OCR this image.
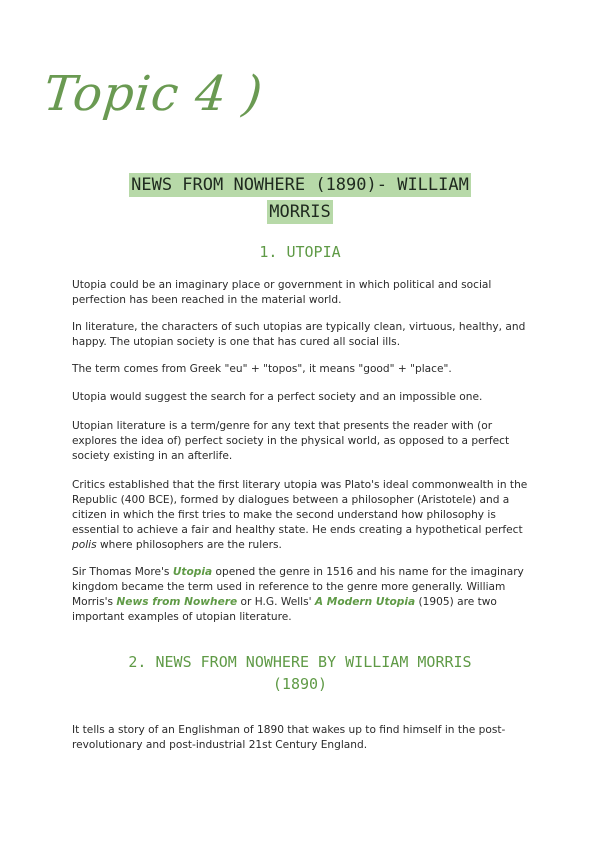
Topic 4 )
NEWS FROM NOWHERE (1890)- WILLIAM
MORRIS
1. UTOPIA
Utopia could be an imaginary place or government in which political and social perfection has been reached in the material world.
In literature, the characters of such utopias are typically clean, virtuous, healthy, and happy. The utopian society is one that has cured all social ills.
The term comes from Greek "eu" + "topos", it means "good" + "place".
Utopia would suggest the search for a perfect society and an impossible one.
Utopian literature is a term/genre for any text that presents the reader with (or explores the idea of) perfect society in the physical world, as opposed to a perfect society existing in an afterlife.
Critics established that the first literary utopia was Plato's ideal commonwealth in the Republic (400 BCE), formed by dialogues between a philosopher (Aristotele) and a citizen in which the first tries to make the second understand how philosophy is essential to achieve a fair and healthy state. He ends creating a hypothetical perfect polis where philosophers are the rulers.
Sir Thomas More's Utopia opened the genre in 1516 and his name for the imaginary kingdom became the term used in reference to the genre more generally. William Morris's News from Nowhere or H.G. Wells' A Modern Utopia (1905) are two important examples of utopian literature.
2. NEWS FROM NOWHERE BY WILLIAM MORRIS
(1890)
It tells a story of an Englishman of 1890 that wakes up to find himself in the post-revolutionary and post-industrial 21st Century England.
